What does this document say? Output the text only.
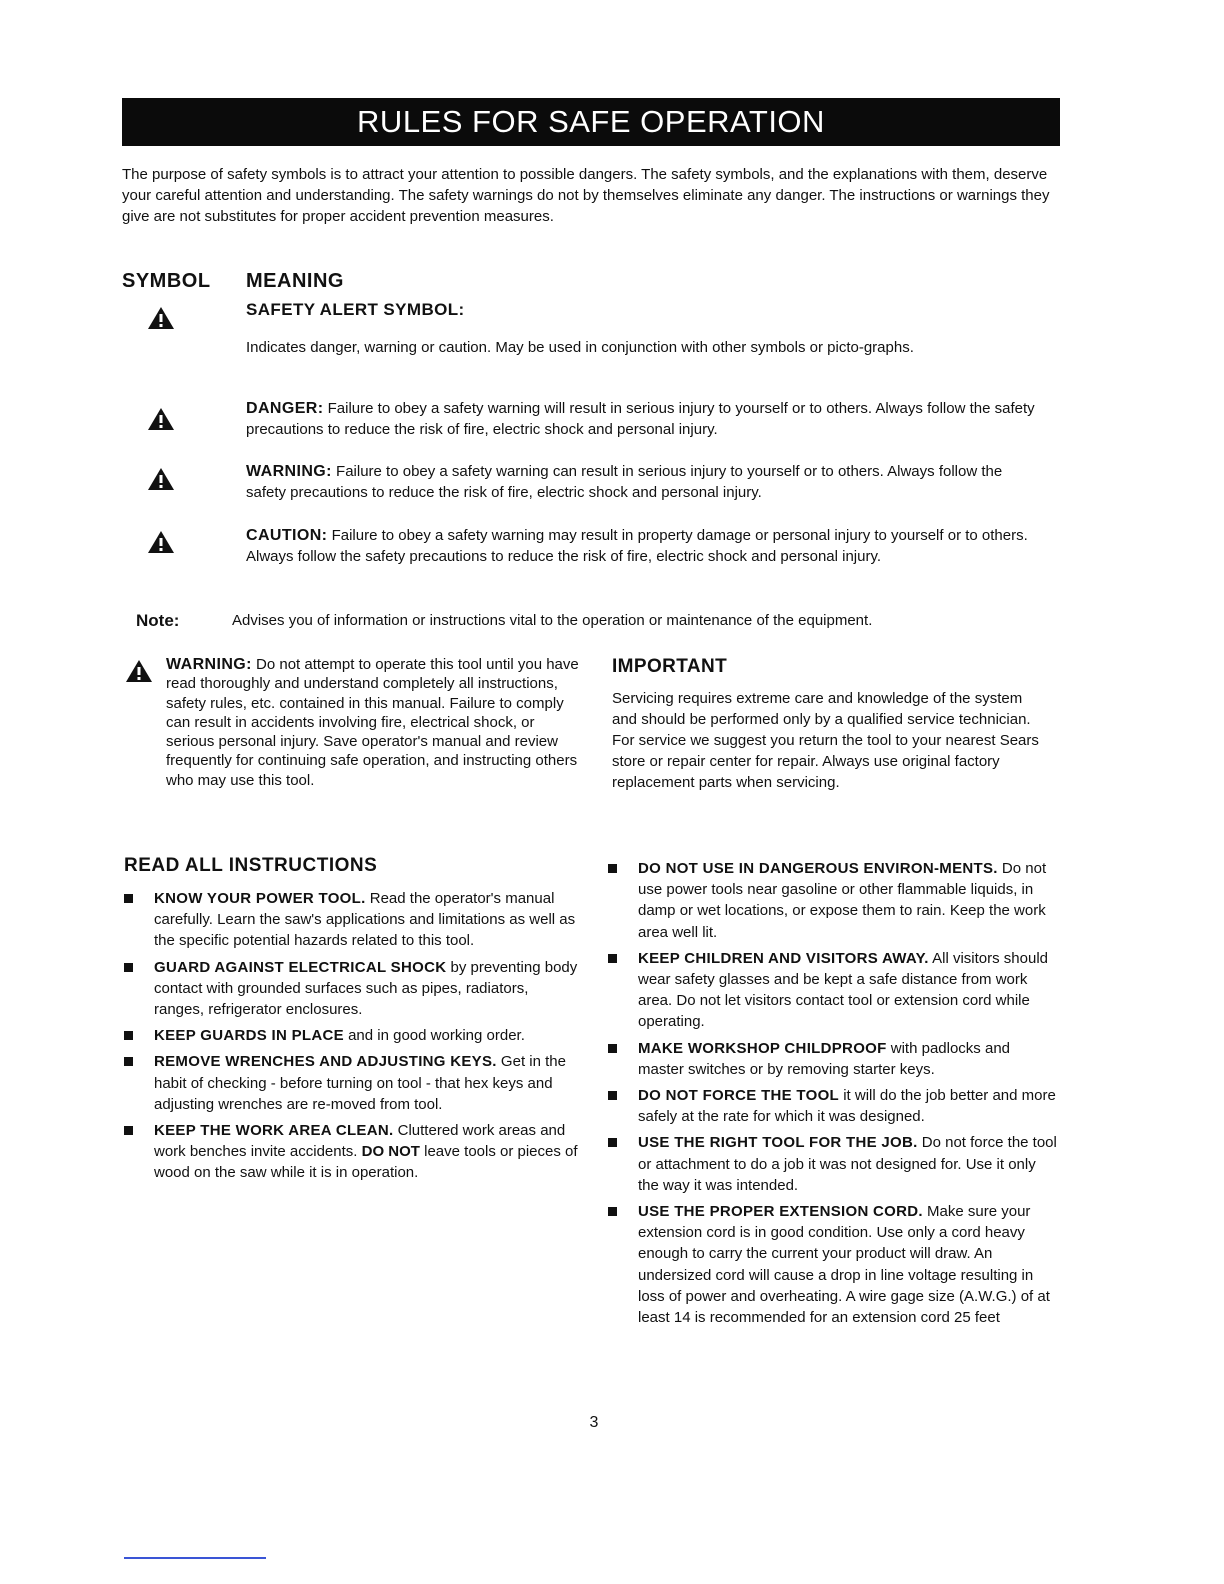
RULES FOR SAFE OPERATION
The purpose of safety symbols is to attract your attention to possible dangers. The safety symbols, and the explanations with them, deserve your careful attention and understanding. The safety warnings do not by themselves eliminate any danger. The instructions or warnings they give are not substitutes for proper accident prevention measures.
SYMBOL MEANING
SAFETY ALERT SYMBOL:
Indicates danger, warning or caution. May be used in conjunction with other symbols or picto-graphs.
DANGER: Failure to obey a safety warning will result in serious injury to yourself or to others. Always follow the safety precautions to reduce the risk of fire, electric shock and personal injury.
WARNING: Failure to obey a safety warning can result in serious injury to yourself or to others. Always follow the safety precautions to reduce the risk of fire, electric shock and personal injury.
CAUTION: Failure to obey a safety warning may result in property damage or personal injury to yourself or to others. Always follow the safety precautions to reduce the risk of fire, electric shock and personal injury.
Note:	Advises you of information or instructions vital to the operation or maintenance of the equipment.
WARNING: Do not attempt to operate this tool until you have read thoroughly and understand completely all instructions, safety rules, etc. contained in this manual. Failure to comply can result in accidents involving fire, electrical shock, or serious personal injury. Save operator's manual and review frequently for continuing safe operation, and instructing others who may use this tool.
IMPORTANT
Servicing requires extreme care and knowledge of the system and should be performed only by a qualified service technician. For service we suggest you return the tool to your nearest Sears store or repair center for repair. Always use original factory replacement parts when servicing.
READ ALL INSTRUCTIONS
KNOW YOUR POWER TOOL. Read the operator's manual carefully. Learn the saw's applications and limitations as well as the specific potential hazards related to this tool.
GUARD AGAINST ELECTRICAL SHOCK by preventing body contact with grounded surfaces such as pipes, radiators, ranges, refrigerator enclosures.
KEEP GUARDS IN PLACE and in good working order.
REMOVE WRENCHES AND ADJUSTING KEYS. Get in the habit of checking - before turning on tool - that hex keys and adjusting wrenches are re-moved from tool.
KEEP THE WORK AREA CLEAN. Cluttered work areas and work benches invite accidents. DO NOT leave tools or pieces of wood on the saw while it is in operation.
DO NOT USE IN DANGEROUS ENVIRON-MENTS. Do not use power tools near gasoline or other flammable liquids, in damp or wet locations, or expose them to rain. Keep the work area well lit.
KEEP CHILDREN AND VISITORS AWAY. All visitors should wear safety glasses and be kept a safe distance from work area. Do not let visitors contact tool or extension cord while operating.
MAKE WORKSHOP CHILDPROOF with padlocks and master switches or by removing starter keys.
DO NOT FORCE THE TOOL it will do the job better and more safely at the rate for which it was designed.
USE THE RIGHT TOOL FOR THE JOB. Do not force the tool or attachment to do a job it was not designed for. Use it only the way it was intended.
USE THE PROPER EXTENSION CORD. Make sure your extension cord is in good condition. Use only a cord heavy enough to carry the current your product will draw. An undersized cord will cause a drop in line voltage resulting in loss of power and overheating. A wire gage size (A.W.G.) of at least 14 is recommended for an extension cord 25 feet
3
